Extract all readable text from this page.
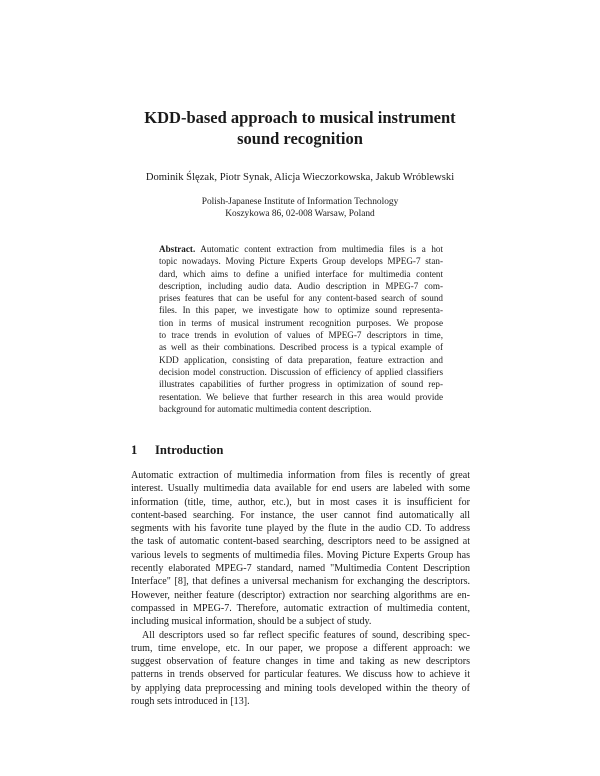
KDD-based approach to musical instrument
sound recognition
Dominik Ślęzak, Piotr Synak, Alicja Wieczorkowska, Jakub Wróblewski
Polish-Japanese Institute of Information Technology
Koszykowa 86, 02-008 Warsaw, Poland
Abstract. Automatic content extraction from multimedia files is a hot
topic nowadays. Moving Picture Experts Group develops MPEG-7 stan-
dard, which aims to define a unified interface for multimedia content
description, including audio data. Audio description in MPEG-7 com-
prises features that can be useful for any content-based search of sound
files. In this paper, we investigate how to optimize sound representa-
tion in terms of musical instrument recognition purposes. We propose
to trace trends in evolution of values of MPEG-7 descriptors in time,
as well as their combinations. Described process is a typical example of
KDD application, consisting of data preparation, feature extraction and
decision model construction. Discussion of efficiency of applied classifiers
illustrates capabilities of further progress in optimization of sound rep-
resentation. We believe that further research in this area would provide
background for automatic multimedia content description.
1 Introduction
Automatic extraction of multimedia information from files is recently of great
interest. Usually multimedia data available for end users are labeled with some
information (title, time, author, etc.), but in most cases it is insufficient for
content-based searching. For instance, the user cannot find automatically all
segments with his favorite tune played by the flute in the audio CD. To address
the task of automatic content-based searching, descriptors need to be assigned at
various levels to segments of multimedia files. Moving Picture Experts Group has
recently elaborated MPEG-7 standard, named "Multimedia Content Description
Interface" [8], that defines a universal mechanism for exchanging the descriptors.
However, neither feature (descriptor) extraction nor searching algorithms are en-
compassed in MPEG-7. Therefore, automatic extraction of multimedia content,
including musical information, should be a subject of study.
All descriptors used so far reflect specific features of sound, describing spec-
trum, time envelope, etc. In our paper, we propose a different approach: we
suggest observation of feature changes in time and taking as new descriptors
patterns in trends observed for particular features. We discuss how to achieve it
by applying data preprocessing and mining tools developed within the theory of
rough sets introduced in [13].
